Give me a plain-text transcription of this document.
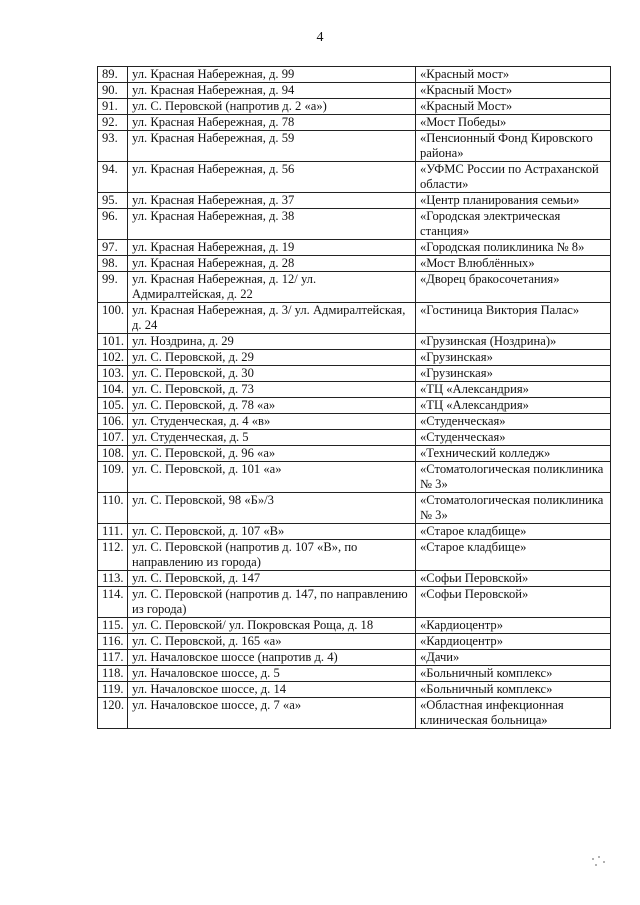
4
89.	ул. Красная Набережная, д. 99	«Красный мост»
90.	ул. Красная Набережная, д. 94	«Красный Мост»
91.	ул. С. Перовской (напротив д. 2 «а»)	«Красный Мост»
92.	ул. Красная Набережная, д. 78	«Мост Победы»
93.	ул. Красная Набережная, д. 59	«Пенсионный Фонд Кировского района»
94.	ул. Красная Набережная, д. 56	«УФМС России по Астраханской области»
95.	ул. Красная Набережная, д. 37	«Центр планирования семьи»
96.	ул. Красная Набережная, д. 38	«Городская электрическая станция»
97.	ул. Красная Набережная, д. 19	«Городская поликлиника № 8»
98.	ул. Красная Набережная, д. 28	«Мост Влюблённых»
99.	ул. Красная Набережная, д. 12/ ул. Адмиралтейская, д. 22	«Дворец бракосочетания»
100.	ул. Красная Набережная, д. 3/ ул. Адмиралтейская, д. 24	«Гостиница Виктория Палас»
101.	ул. Ноздрина, д. 29	«Грузинская (Ноздрина)»
102.	ул. С. Перовской, д. 29	«Грузинская»
103.	ул. С. Перовской, д. 30	«Грузинская»
104.	ул. С. Перовской, д. 73	«ТЦ «Александрия»
105.	ул. С. Перовской, д. 78 «а»	«ТЦ «Александрия»
106.	ул. Студенческая, д. 4 «в»	«Студенческая»
107.	ул. Студенческая, д. 5	«Студенческая»
108.	ул. С. Перовской, д. 96 «а»	«Технический колледж»
109.	ул. С. Перовской, д. 101 «а»	«Стоматологическая поликлиника № 3»
110.	ул. С. Перовской, 98 «Б»/3	«Стоматологическая поликлиника № 3»
111.	ул. С. Перовской, д. 107 «В»	«Старое кладбище»
112.	ул. С. Перовской (напротив д. 107 «В», по направлению из города)	«Старое кладбище»
113.	ул. С. Перовской, д. 147	«Софьи Перовской»
114.	ул. С. Перовской (напротив д. 147, по направлению из города)	«Софьи Перовской»
115.	ул. С. Перовской/ ул. Покровская Роща, д. 18	«Кардиоцентр»
116.	ул. С. Перовской, д. 165 «а»	«Кардиоцентр»
117.	ул. Началовское шоссе (напротив д. 4)	«Дачи»
118.	ул. Началовское шоссе, д. 5	«Больничный комплекс»
119.	ул. Началовское шоссе, д. 14	«Больничный комплекс»
120.	ул. Началовское шоссе, д. 7 «а»	«Областная инфекционная клиническая больница»
